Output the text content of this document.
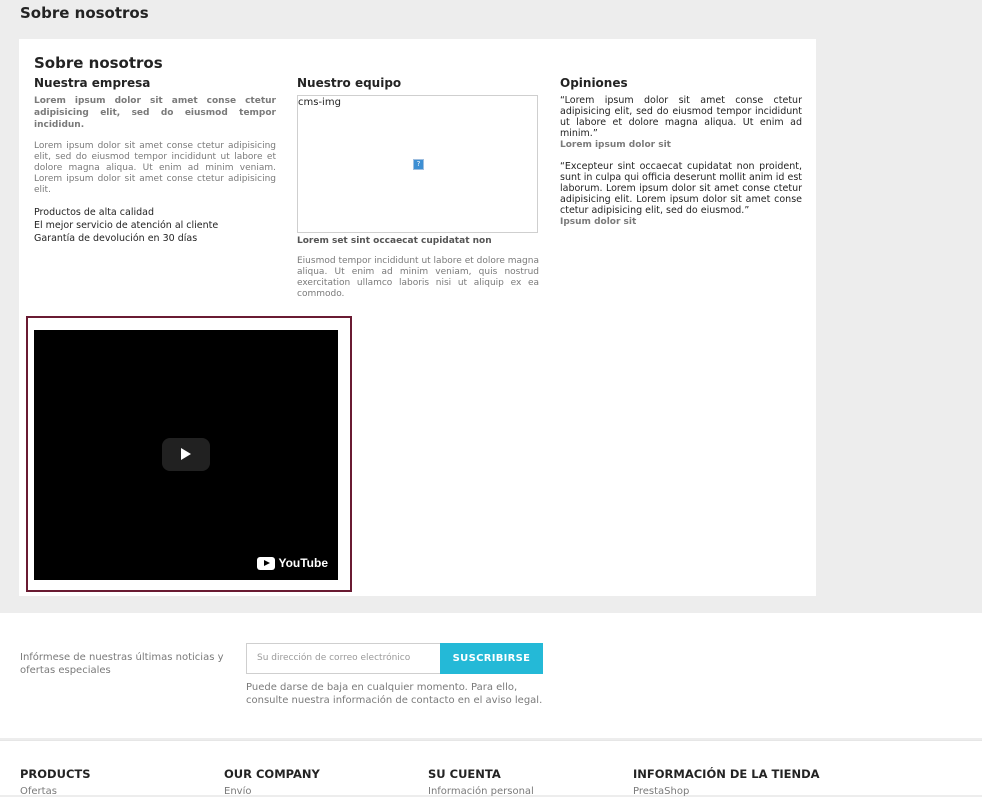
Sobre nosotros
Sobre nosotros
Nuestra empresa

Lorem ipsum dolor sit amet conse ctetur adipisicing elit, sed do eiusmod tempor incididun.

Lorem ipsum dolor sit amet conse ctetur adipisicing elit, sed do eiusmod tempor incididunt ut labore et dolore magna aliqua. Ut enim ad minim veniam. Lorem ipsum dolor sit amet conse ctetur adipisicing elit.

Productos de alta calidad
El mejor servicio de atención al cliente
Garantía de devolución en 30 días
Nuestro equipo
cms-img
?
Lorem set sint occaecat cupidatat non

Eiusmod tempor incididunt ut labore et dolore magna aliqua. Ut enim ad minim veniam, quis nostrud exercitation ullamco laboris nisi ut aliquip ex ea commodo.

Opiniones

“Lorem ipsum dolor sit amet conse ctetur adipisicing elit, sed do eiusmod tempor incididunt ut labore et dolore magna aliqua. Ut enim ad minim.”

Lorem ipsum dolor sit

“Excepteur sint occaecat cupidatat non proident, sunt in culpa qui officia deserunt mollit anim id est laborum. Lorem ipsum dolor sit amet conse ctetur adipisicing elit. Lorem ipsum dolor sit amet conse ctetur adipisicing elit, sed do eiusmod.”

Ipsum dolor sit

YouTube
Infórmese de nuestras últimas noticias y ofertas especiales
Su dirección de correo electrónico	SUSCRIBIRSE
Puede darse de baja en cualquier momento. Para ello, consulte nuestra información de contacto en el aviso legal.
PRODUCTS
Ofertas
OUR COMPANY
Envío
SU CUENTA
Información personal
INFORMACIÓN DE LA TIENDA
PrestaShop
